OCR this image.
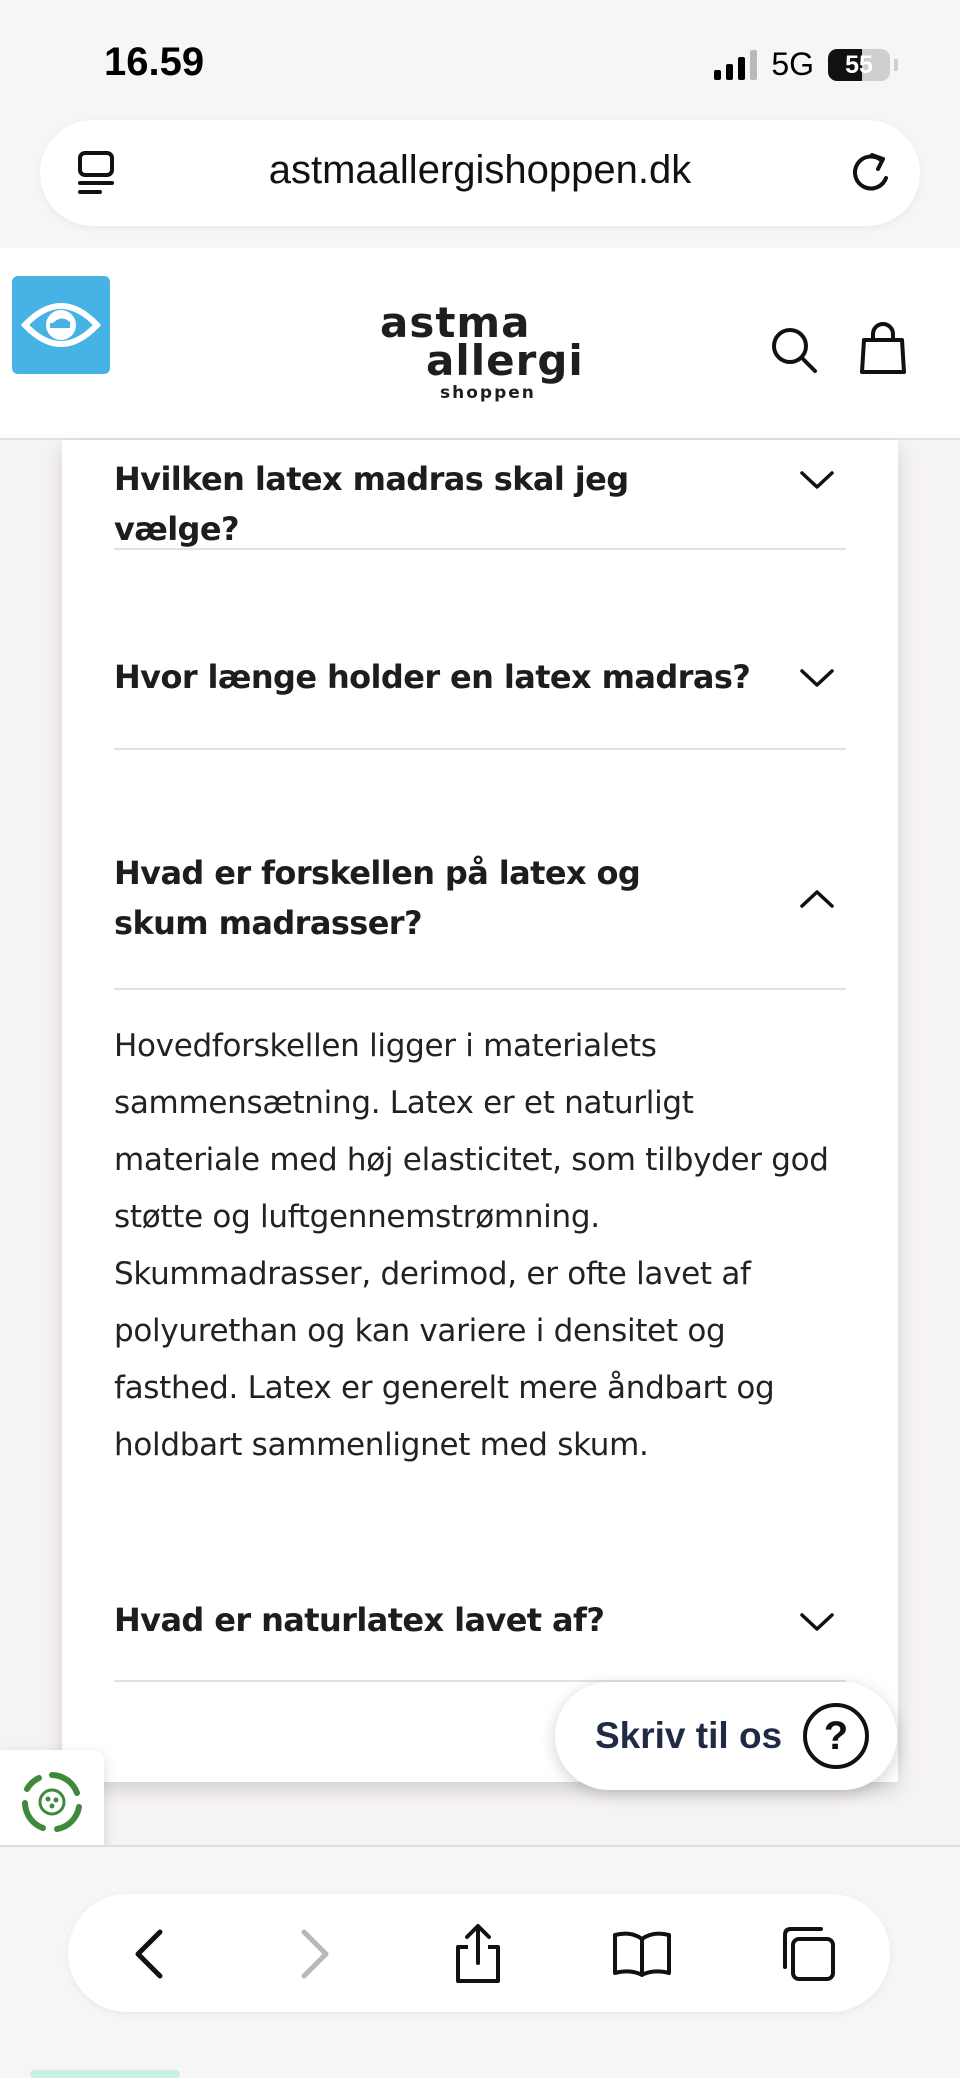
16.59	5G	55
astmaallergishoppen.dk
astma
allergi
shoppen
Hvilken latex madras skal jeg vælge?
Hvor længe holder en latex madras?
Hvad er forskellen på latex og skum madrasser?
Hovedforskellen ligger i materialets sammensætning. Latex er et naturligt materiale med høj elasticitet, som tilbyder god støtte og luftgennemstrømning. Skummadrasser, derimod, er ofte lavet af polyurethan og kan variere i densitet og fasthed. Latex er generelt mere åndbart og holdbart sammenlignet med skum.
Hvad er naturlatex lavet af?
Skriv til os	?
